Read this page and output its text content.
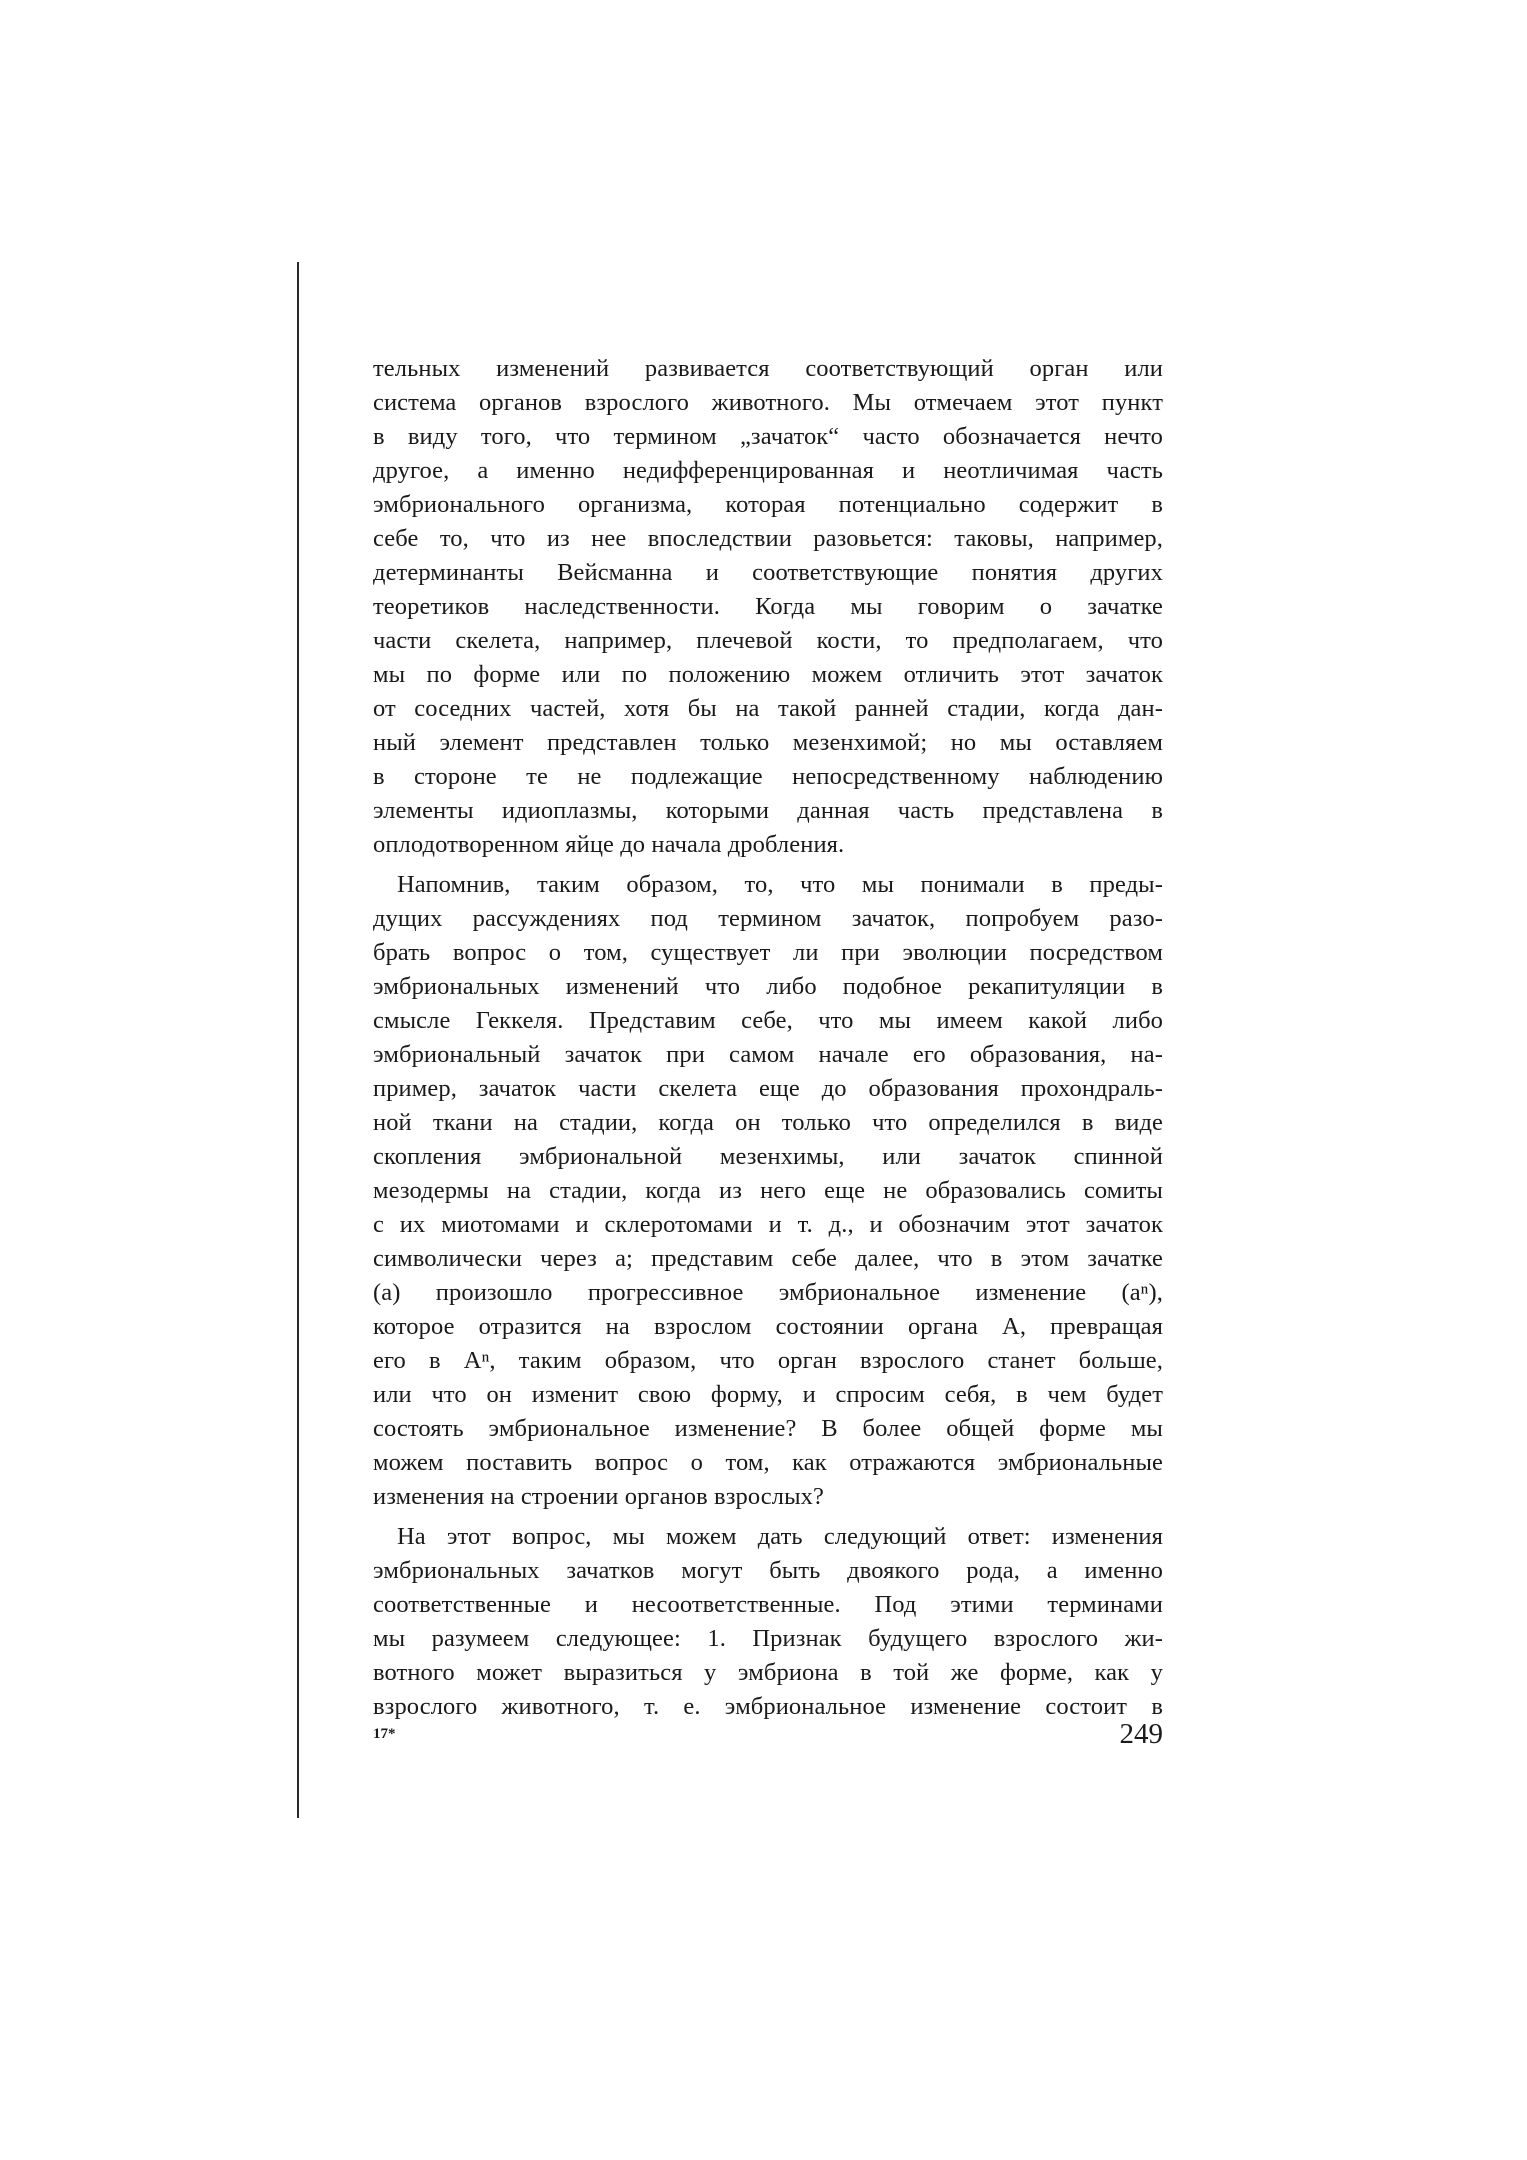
тельных изменений развивается соответствующий орган или
система органов взрослого животного. Мы отмечаем этот пункт
в виду того, что термином „зачаток“ часто обозначается нечто
другое, а именно недифференцированная и неотличимая часть
эмбрионального организма, которая потенциально содержит в
себе то, что из нее впоследствии разовьется: таковы, например,
детерминанты Вейсманна и соответствующие понятия других
теоретиков наследственности. Когда мы говорим о зачатке
части скелета, например, плечевой кости, то предполагаем, что
мы по форме или по положению можем отличить этот зачаток
от соседних частей, хотя бы на такой ранней стадии, когда дан-
ный элемент представлен только мезенхимой; но мы оставляем
в стороне те не подлежащие непосредственному наблюдению
элементы идиоплазмы, которыми данная часть представлена в
оплодотворенном яйце до начала дробления.
Напомнив, таким образом, то, что мы понимали в преды-
дущих рассуждениях под термином зачаток, попробуем разо-
брать вопрос о том, существует ли при эволюции посредством
эмбриональных изменений что либо подобное рекапитуляции в
смысле Геккеля. Представим себе, что мы имеем какой либо
эмбриональный зачаток при самом начале его образования, на-
пример, зачаток части скелета еще до образования прохондраль-
ной ткани на стадии, когда он только что определился в виде
скопления эмбриональной мезенхимы, или зачаток спинной
мезодермы на стадии, когда из него еще не образовались сомиты
с их миотомами и склеротомами и т. д., и обозначим этот зачаток
символически через а; представим себе далее, что в этом зачатке
(а) произошло прогрессивное эмбриональное изменение (аⁿ),
которое отразится на взрослом состоянии органа А, превращая
его в Аⁿ, таким образом, что орган взрослого станет больше,
или что он изменит свою форму, и спросим себя, в чем будет
состоять эмбриональное изменение? В более общей форме мы
можем поставить вопрос о том, как отражаются эмбриональные
изменения на строении органов взрослых?
На этот вопрос, мы можем дать следующий ответ: изменения
эмбриональных зачатков могут быть двоякого рода, а именно
соответственные и несоответственные. Под этими терминами
мы разумеем следующее: 1. Признак будущего взрослого жи-
вотного может выразиться у эмбриона в той же форме, как у
взрослого животного, т. е. эмбриональное изменение состоит в
17*	249
